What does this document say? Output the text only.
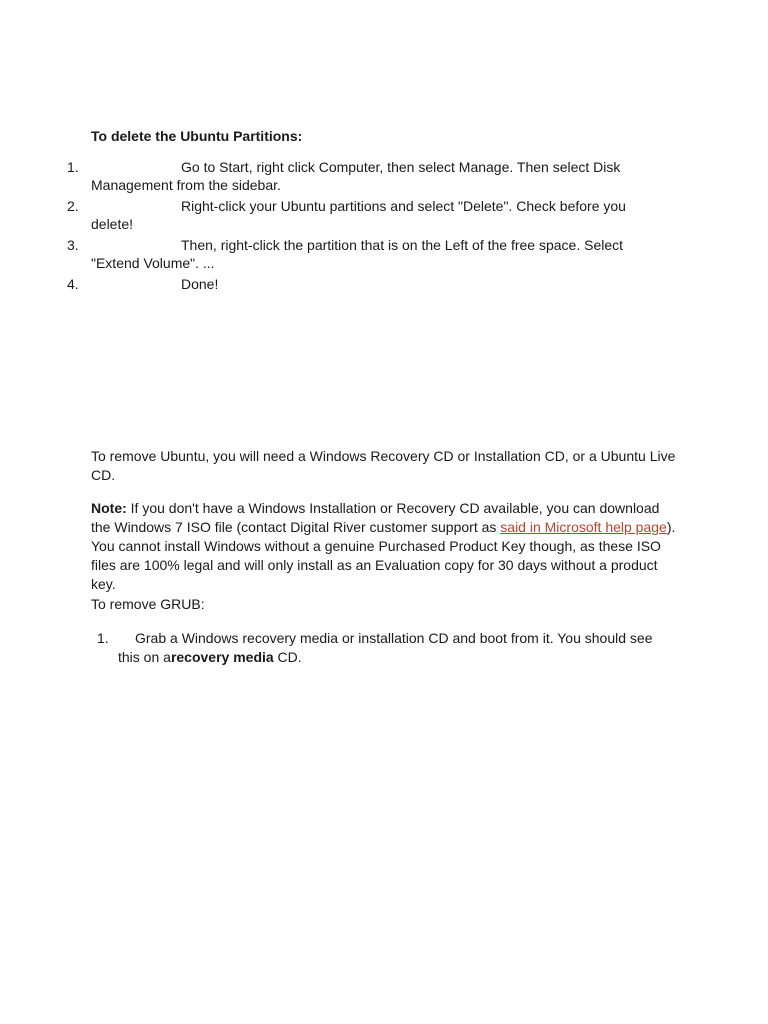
To delete the Ubuntu Partitions:
1.	Go to Start, right click Computer, then select Manage. Then select Disk Management from the sidebar.
2.	Right-click your Ubuntu partitions and select "Delete". Check before you delete!
3.	Then, right-click the partition that is on the Left of the free space. Select "Extend Volume". ...
4.	Done!

To remove Ubuntu, you will need a Windows Recovery CD or Installation CD, or a Ubuntu Live CD.

Note: If you don't have a Windows Installation or Recovery CD available, you can download the Windows 7 ISO file (contact Digital River customer support as said in Microsoft help page). You cannot install Windows without a genuine Purchased Product Key though, as these ISO files are 100% legal and will only install as an Evaluation copy for 30 days without a product key.

To remove GRUB:

1. Grab a Windows recovery media or installation CD and boot from it. You should see this on arecovery media CD.
